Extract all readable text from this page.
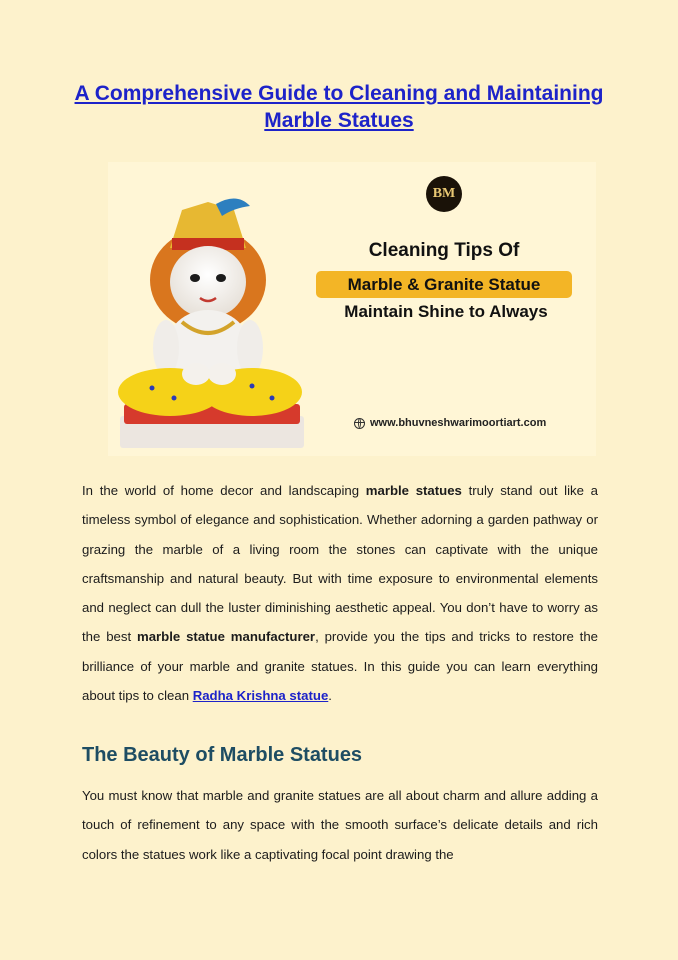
A Comprehensive Guide to Cleaning and Maintaining Marble Statues
BM
Cleaning Tips Of
Marble & Granite Statue
Maintain Shine to Always
www.bhuvneshwarimoortiart.com

In the world of home decor and landscaping marble statues truly stand out like a timeless symbol of elegance and sophistication. Whether adorning a garden pathway or grazing the marble of a living room the stones can captivate with the unique craftsmanship and natural beauty. But with time exposure to environmental elements and neglect can dull the luster diminishing aesthetic appeal. You don’t have to worry as the best marble statue manufacturer, provide you the tips and tricks to restore the brilliance of your marble and granite statues. In this guide you can learn everything about tips to clean Radha Krishna statue.

The Beauty of Marble Statues

You must know that marble and granite statues are all about charm and allure adding a touch of refinement to any space with the smooth surface’s delicate details and rich colors the statues work like a captivating focal point drawing the
